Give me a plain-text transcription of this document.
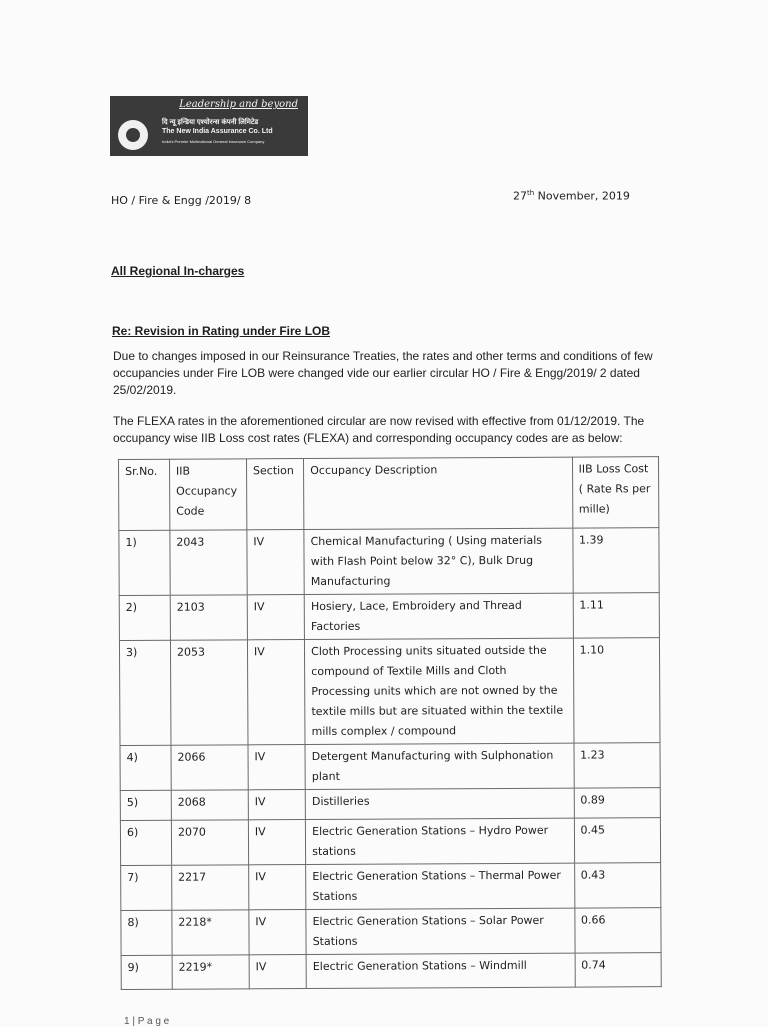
Leadership and beyond
दि न्यू इन्डिया एश्योरन्स कंपनी लिमिटेड
The New India Assurance Co. Ltd
India's Premier Multinational General Insurance Company
HO / Fire & Engg /2019/ 8	27th November, 2019
All Regional In-charges
Re: Revision in Rating under Fire LOB
Due to changes imposed in our Reinsurance Treaties, the rates and other terms and conditions of few occupancies under Fire LOB were changed vide our earlier circular HO / Fire & Engg/2019/ 2 dated 25/02/2019.
The FLEXA rates in the aforementioned circular are now revised with effective from 01/12/2019. The occupancy wise IIB Loss cost rates (FLEXA) and corresponding occupancy codes are as below:
Sr.No.	IIB Occupancy Code	Section	Occupancy Description	IIB Loss Cost ( Rate Rs per mille)
1)	2043	IV	Chemical Manufacturing ( Using materials with Flash Point below 32° C), Bulk Drug Manufacturing	1.39
2)	2103	IV	Hosiery, Lace, Embroidery and Thread Factories	1.11
3)	2053	IV	Cloth Processing units situated outside the compound of Textile Mills and Cloth Processing units which are not owned by the textile mills but are situated within the textile mills complex / compound	1.10
4)	2066	IV	Detergent Manufacturing with Sulphonation plant	1.23
5)	2068	IV	Distilleries	0.89
6)	2070	IV	Electric Generation Stations – Hydro Power stations	0.45
7)	2217	IV	Electric Generation Stations – Thermal Power Stations	0.43
8)	2218*	IV	Electric Generation Stations – Solar Power Stations	0.66
9)	2219*	IV	Electric Generation Stations – Windmill	0.74
1 | P a g e
